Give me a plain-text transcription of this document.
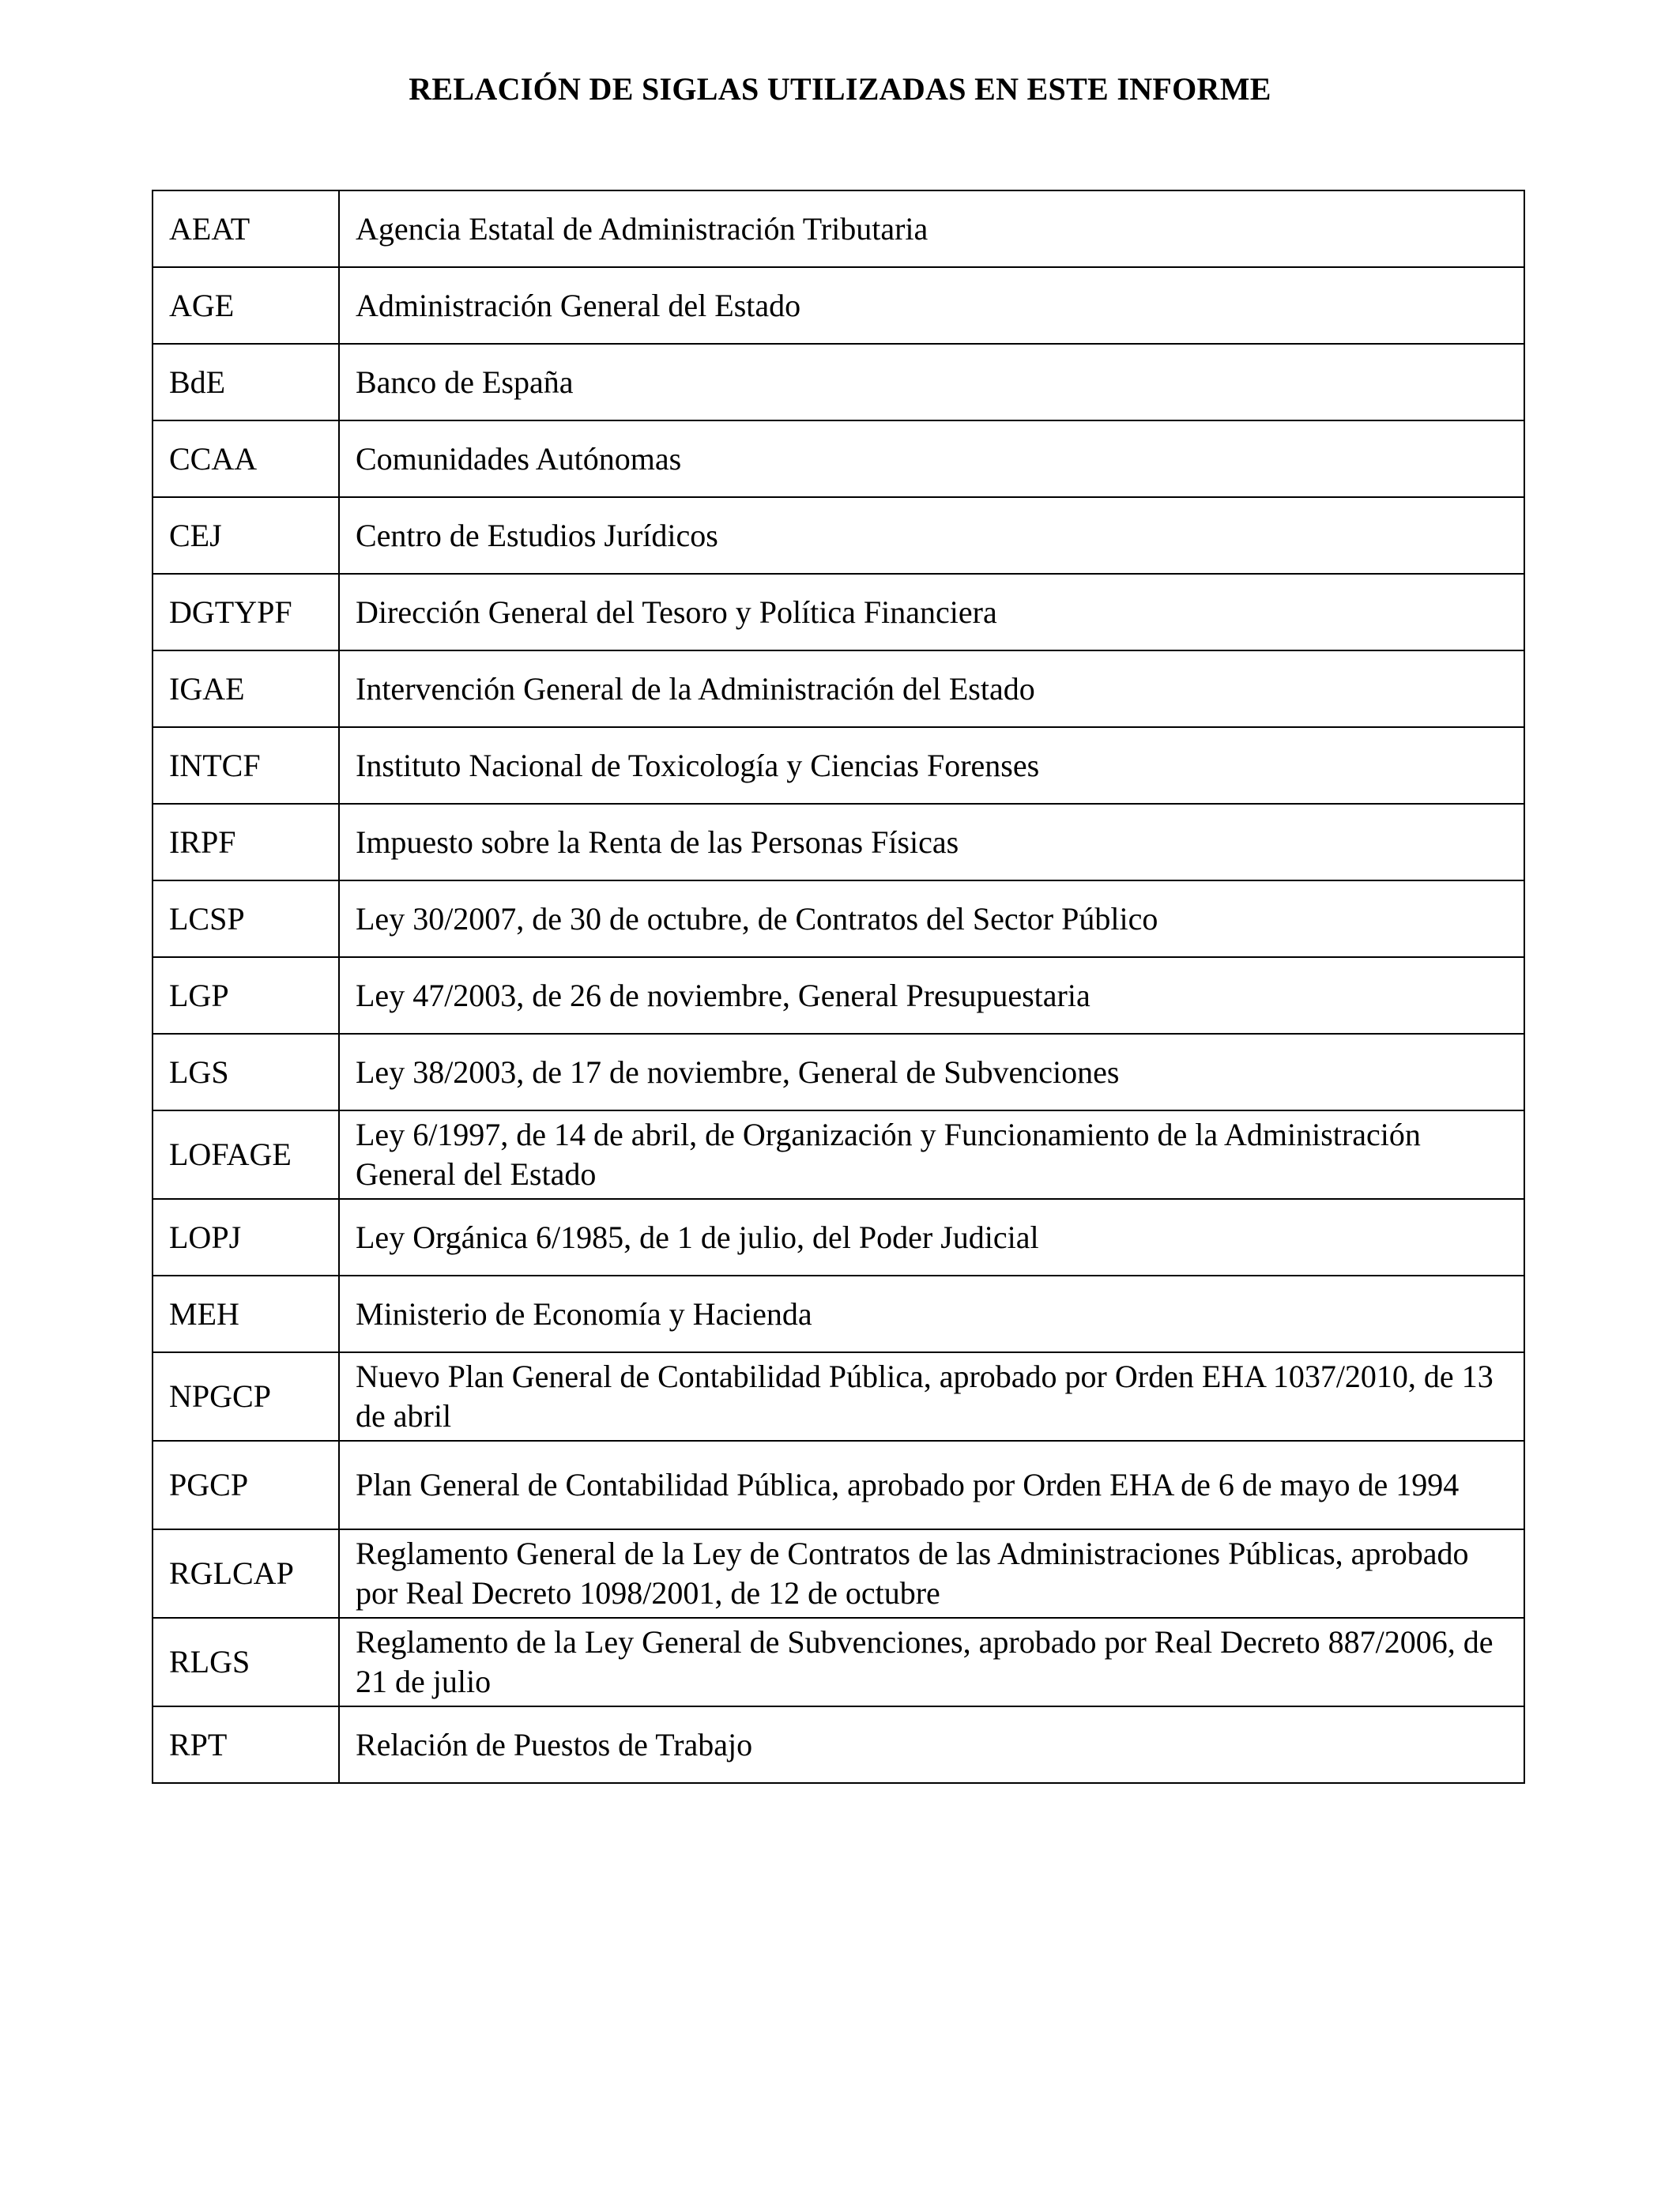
RELACIÓN DE SIGLAS UTILIZADAS EN ESTE INFORME
AEAT	Agencia Estatal de Administración Tributaria
AGE	Administración General del Estado
BdE	Banco de España
CCAA	Comunidades Autónomas
CEJ	Centro de Estudios Jurídicos
DGTYPF	Dirección General del Tesoro y Política Financiera
IGAE	Intervención General de la Administración del Estado
INTCF	Instituto Nacional de Toxicología y Ciencias Forenses
IRPF	Impuesto sobre la Renta de las Personas Físicas
LCSP	Ley 30/2007, de 30 de octubre, de Contratos del Sector Público
LGP	Ley 47/2003, de 26 de noviembre, General Presupuestaria
LGS	Ley 38/2003, de 17 de noviembre, General de Subvenciones
LOFAGE	Ley 6/1997, de 14 de abril, de Organización y Funcionamiento de la Administración General del Estado
LOPJ	Ley Orgánica 6/1985, de 1 de julio, del Poder Judicial
MEH	Ministerio de Economía y Hacienda
NPGCP	Nuevo Plan General de Contabilidad Pública, aprobado por Orden EHA 1037/2010, de 13 de abril
PGCP	Plan General de Contabilidad Pública, aprobado por Orden EHA de 6 de mayo de 1994
RGLCAP	Reglamento General de la Ley de Contratos de las Administraciones Públicas, aprobado por Real Decreto 1098/2001, de 12 de octubre
RLGS	Reglamento de la Ley General de Subvenciones, aprobado por Real Decreto 887/2006, de 21 de julio
RPT	Relación de Puestos de Trabajo
